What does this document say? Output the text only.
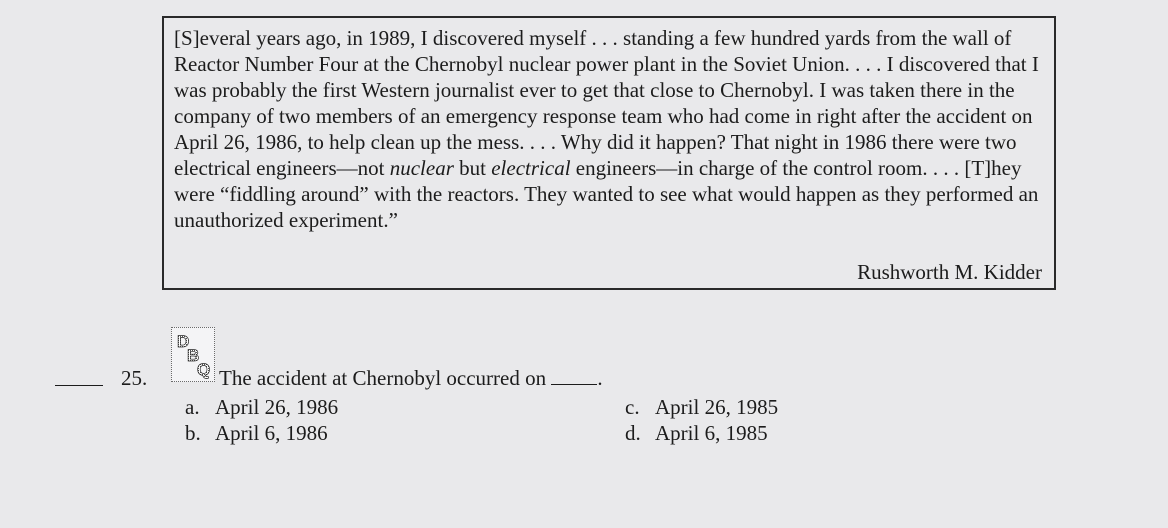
[S]everal years ago, in 1989, I discovered myself . . . standing a few hundred yards from the wall of Reactor Number Four at the Chernobyl nuclear power plant in the Soviet Union. . . . I discovered that I was probably the first Western journalist ever to get that close to Chernobyl. I was taken there in the company of two members of an emergency response team who had come in right after the accident on April 26, 1986, to help clean up the mess. . . . Why did it happen? That night in 1986 there were two electrical engineers—not nuclear but electrical engineers—in charge of the control room. . . . [T]hey were “fiddling around” with the reactors. They wanted to see what would happen as they performed an unauthorized experiment.”

Rushworth M. Kidder

25.
D
B
Q The accident at Chernobyl occurred on .
a. April 26, 1986
b. April 6, 1986
c. April 26, 1985
d. April 6, 1985
